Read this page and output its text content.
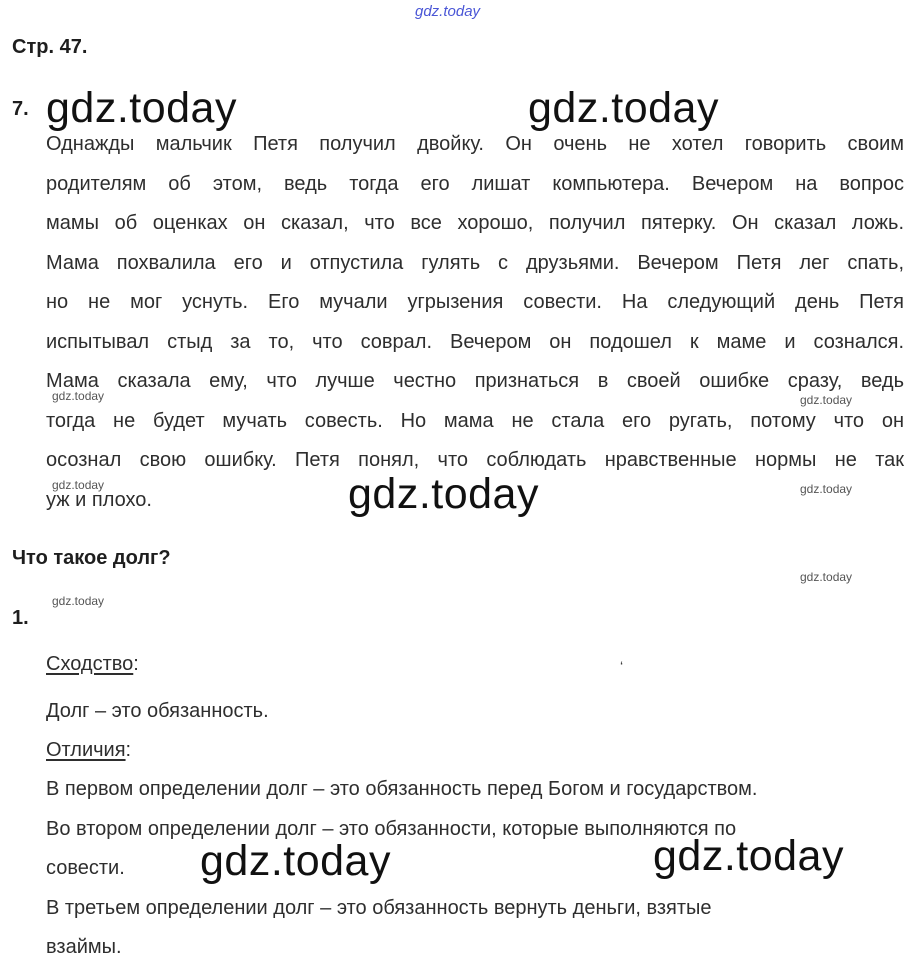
gdz.today
Стр. 47.
7.
Однажды мальчик Петя получил двойку. Он очень не хотел говорить своим
родителям об этом, ведь тогда его лишат компьютера. Вечером на вопрос
мамы об оценках он сказал, что все хорошо, получил пятерку. Он сказал ложь.
Мама похвалила его и отпустила гулять с друзьями. Вечером Петя лег спать,
но не мог уснуть. Его мучали угрызения совести. На следующий день Петя
испытывал стыд за то, что соврал. Вечером он подошел к маме и сознался.
Мама сказала ему, что лучше честно признаться в своей ошибке сразу, ведь
тогда не будет мучать совесть. Но мама не стала его ругать, потому что он
осознал свою ошибку. Петя понял, что соблюдать нравственные нормы не так
уж и плохо.
Что такое долг?
1.
Сходство:
Долг – это обязанность.
Отличия:
В первом определении долг – это обязанность перед Богом и государством.
Во втором определении долг – это обязанности, которые выполняются по
совести.
В третьем определении долг – это обязанность вернуть деньги, взятые
взаймы.
‘
gdz.today	gdz.today
gdz.today
gdz.today	gdz.today
gdz.today	gdz.today
gdz.today	gdz.today
gdz.today
gdz.today
